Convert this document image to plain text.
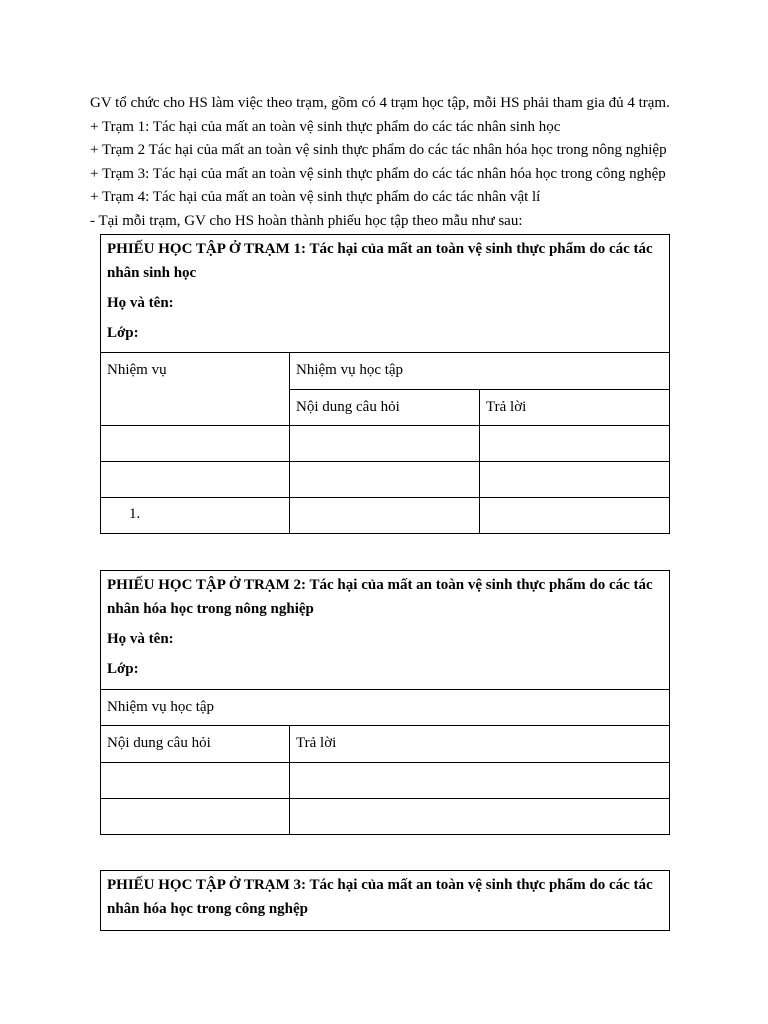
GV tổ chức cho HS làm việc theo trạm, gồm có 4 trạm học tập, mỗi HS phải tham gia đủ 4 trạm.

+ Trạm 1: Tác hại của mất an toàn vệ sinh thực phẩm do các tác nhân sinh học

+ Trạm 2 Tác hại của mất an toàn vệ sinh thực phẩm do các tác nhân hóa học trong nông nghiệp

+ Trạm 3: Tác hại của mất an toàn vệ sinh thực phẩm do các tác nhân hóa học trong công nghệp

+ Trạm 4: Tác hại của mất an toàn vệ sinh thực phẩm do các tác nhân vật lí

- Tại mỗi trạm, GV cho HS hoàn thành phiếu học tập theo mẫu như sau:

PHIẾU HỌC TẬP Ở TRẠM 1: Tác hại của mất an toàn vệ sinh thực phẩm do các tác nhân sinh học
Họ và tên:
Lớp:		

Nhiệm vụ	Nhiệm vụ học tập	

	Nội dung câu hỏi	Trả lời

1.		

PHIẾU HỌC TẬP Ở TRẠM 2: Tác hại của mất an toàn vệ sinh thực phẩm do các tác nhân hóa học trong nông nghiệp
Họ và tên:
Lớp:	

Nhiệm vụ học tập	

Nội dung câu hỏi	Trả lời

PHIẾU HỌC TẬP Ở TRẠM 3: Tác hại của mất an toàn vệ sinh thực phẩm do các tác nhân hóa học trong công nghệp
